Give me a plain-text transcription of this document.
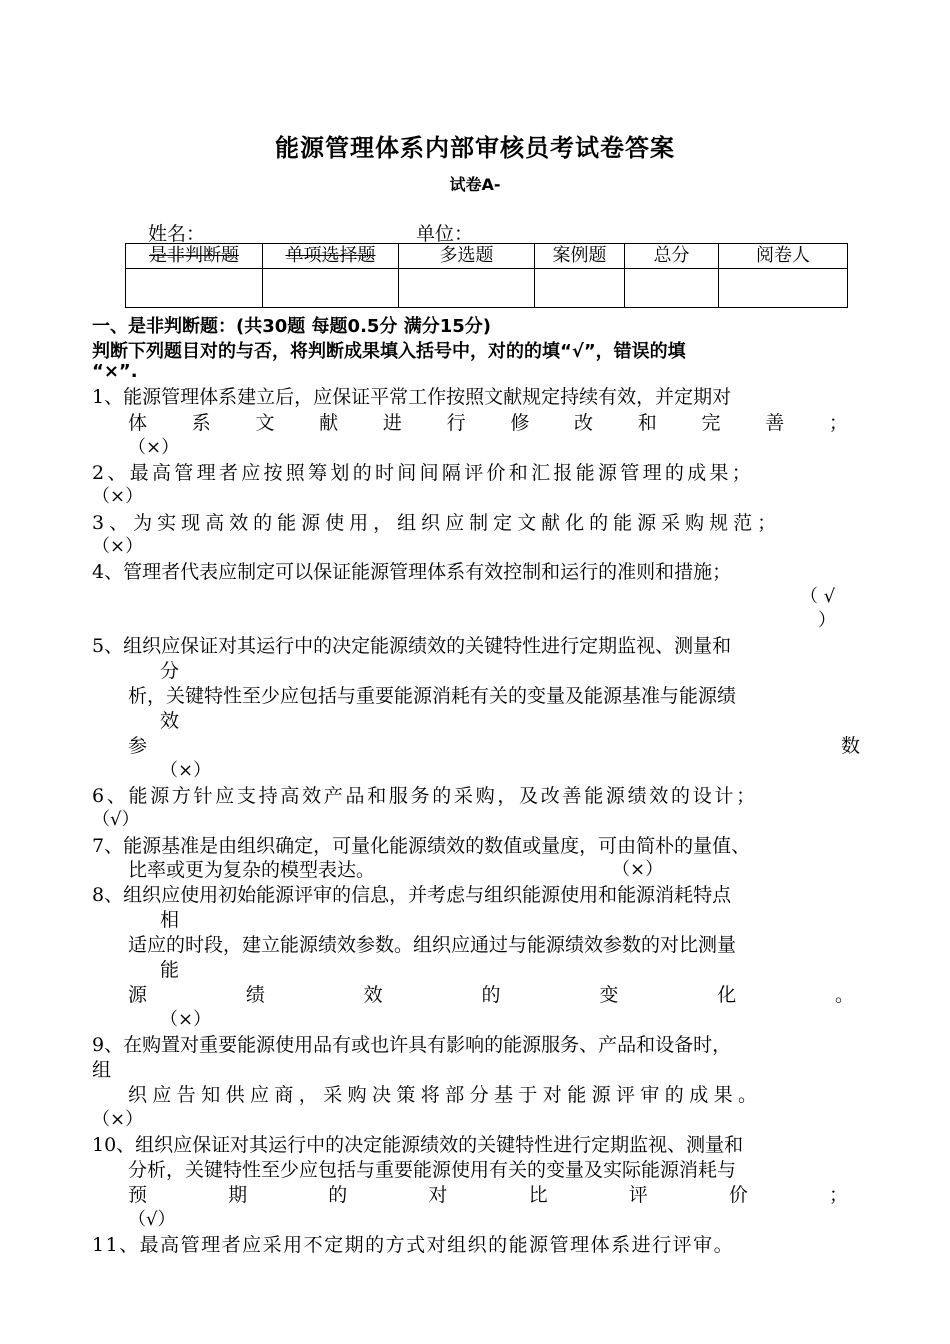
能源管理体系内部审核员考试卷答案
试卷A-
姓名：	单位：
是非判断题	单项选择题	多选题	案例题	总分	阅卷人

一、是非判断题：(共30题 每题0.5分 满分15分)
判断下列题目对的与否，将判断成果填入括号中，对的的填“√”，错误的填
“×”.
1、能源管理体系建立后，应保证平常工作按照文献规定持续有效，并定期对
体 系 文 献 进 行 修 改 和 完 善 ；
（×）
2、最高管理者应按照筹划的时间间隔评价和汇报能源管理的成果；
（×）
3、为实现高效的能源使用，组织应制定文献化的能源采购规范；
（×）
4、管理者代表应制定可以保证能源管理体系有效控制和运行的准则和措施；
（ √
）
5、组织应保证对其运行中的决定能源绩效的关键特性进行定期监视、测量和
分
析，关键特性至少应包括与重要能源消耗有关的变量及能源基准与能源绩
效
参	数
（×）
6、能源方针应支持高效产品和服务的采购，及改善能源绩效的设计；
（√）
7、能源基准是由组织确定，可量化能源绩效的数值或量度，可由简朴的量值、
比率或更为复杂的模型表达。	（×）
8、组织应使用初始能源评审的信息，并考虑与组织能源使用和能源消耗特点
相
适应的时段，建立能源绩效参数。组织应通过与能源绩效参数的对比测量
能
源	绩	效	的	变	化	。
（×）
9、在购置对重要能源使用品有或也许具有影响的能源服务、产品和设备时，
组
织应告知供应商，采购决策将部分基于对能源评审的成果。
（×）
10、组织应保证对其运行中的决定能源绩效的关键特性进行定期监视、测量和
分析，关键特性至少应包括与重要能源使用有关的变量及实际能源消耗与
预	期	的	对	比	评	价	；
（√）
11、最高管理者应采用不定期的方式对组织的能源管理体系进行评审。
